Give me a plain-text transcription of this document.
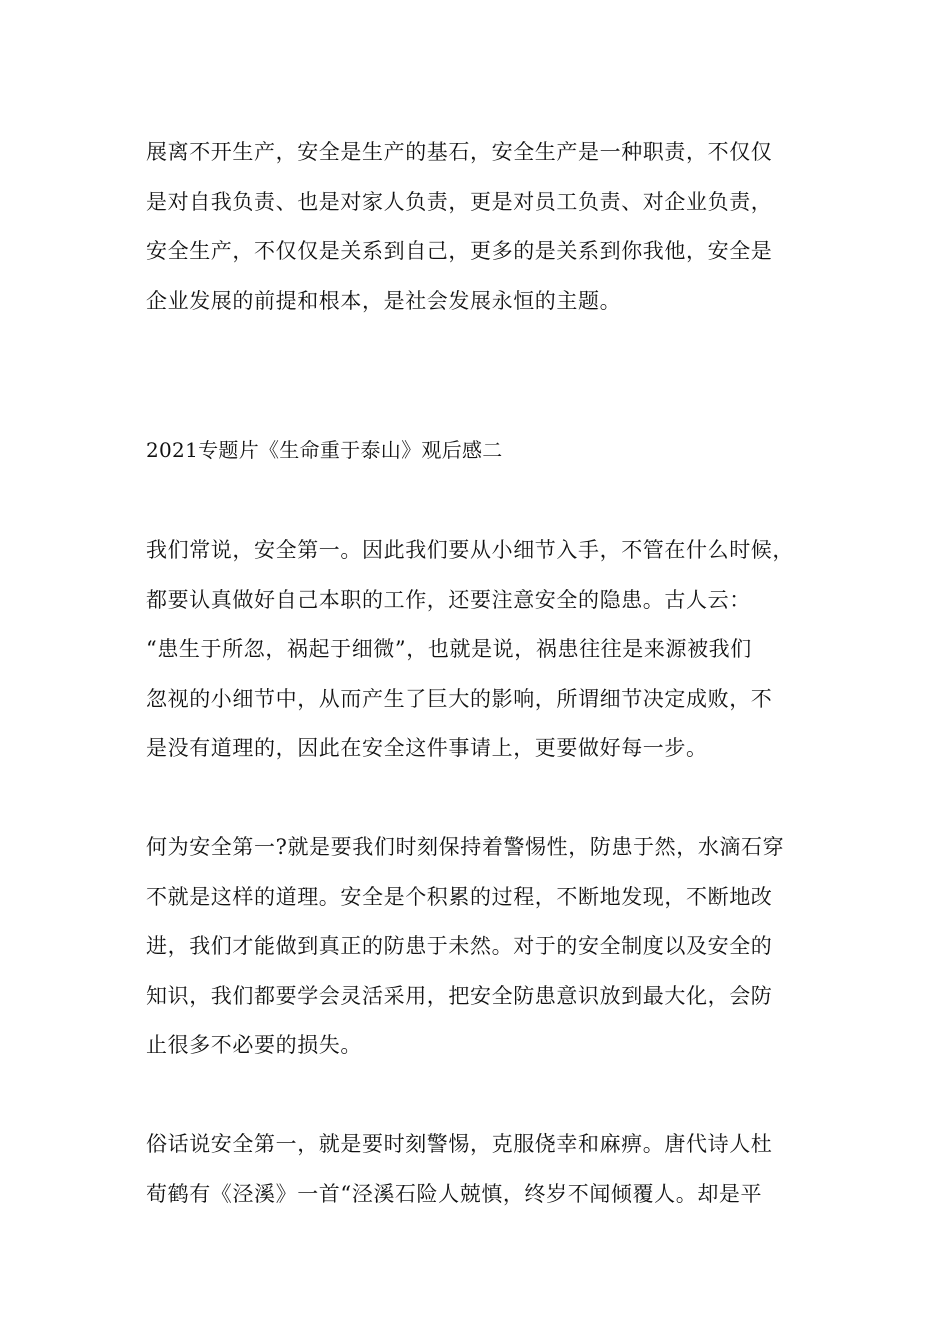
展离不开生产，安全是生产的基石，安全生产是一种职责，不仅仅
是对自我负责、也是对家人负责，更是对员工负责、对企业负责，
安全生产，不仅仅是关系到自己，更多的是关系到你我他，安全是
企业发展的前提和根本，是社会发展永恒的主题。
2021专题片《生命重于泰山》观后感二
我们常说，安全第一。因此我们要从小细节入手，不管在什么时候，
都要认真做好自己本职的工作，还要注意安全的隐患。古人云：
“患生于所忽，祸起于细微”，也就是说，祸患往往是来源被我们
忽视的小细节中，从而产生了巨大的影响，所谓细节决定成败，不
是没有道理的，因此在安全这件事请上，更要做好每一步。
何为安全第一?就是要我们时刻保持着警惕性，防患于然，水滴石穿
不就是这样的道理。安全是个积累的过程，不断地发现，不断地改
进，我们才能做到真正的防患于未然。对于的安全制度以及安全的
知识，我们都要学会灵活采用，把安全防患意识放到最大化，会防
止很多不必要的损失。
俗话说安全第一，就是要时刻警惕，克服侥幸和麻痹。唐代诗人杜
荀鹤有《泾溪》一首“泾溪石险人兢慎，终岁不闻倾覆人。却是平
